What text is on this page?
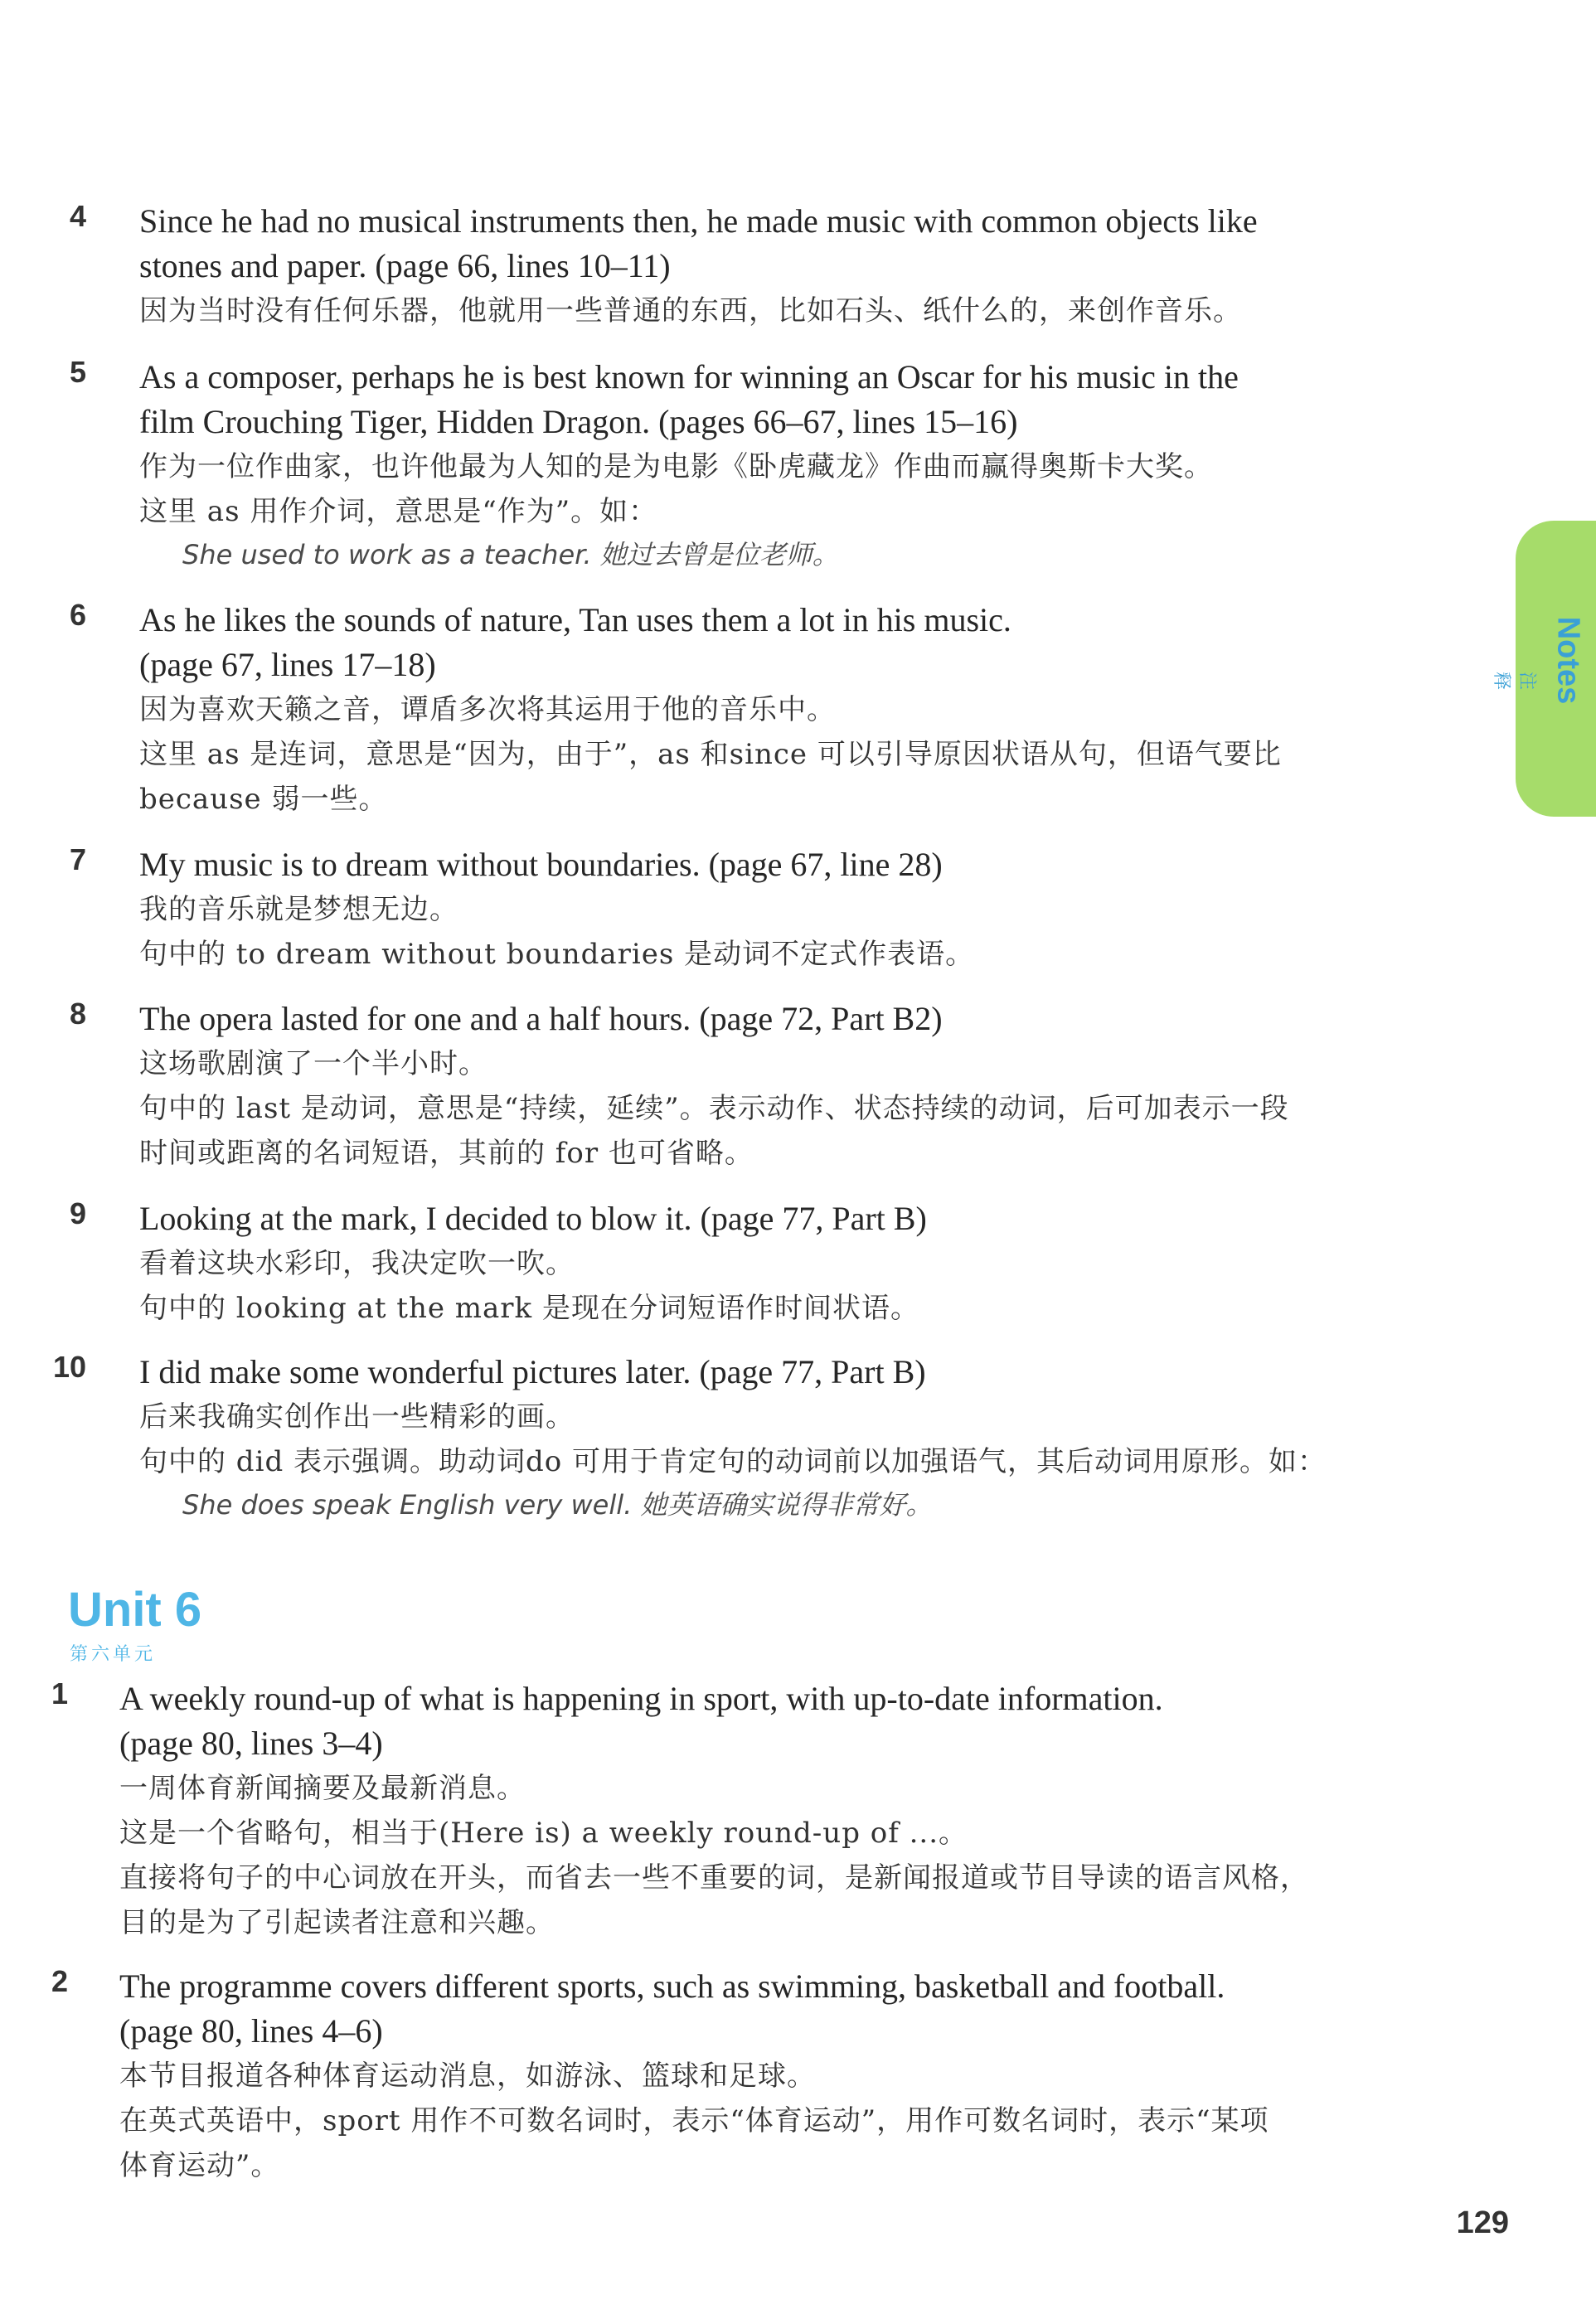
4 Since he had no musical instruments then, he made music with common objects like
stones and paper. (page 66, lines 10–11)
因为当时没有任何乐器，他就用一些普通的东西，比如石头、纸什么的，来创作音乐。
5 As a composer, perhaps he is best known for winning an Oscar for his music in the
film Crouching Tiger, Hidden Dragon. (pages 66–67, lines 15–16)
作为一位作曲家，也许他最为人知的是为电影《卧虎藏龙》作曲而赢得奥斯卡大奖。
这里 as 用作介词，意思是“作为”。如：
She used to work as a teacher. 她过去曾是位老师。
6 As he likes the sounds of nature, Tan uses them a lot in his music.
(page 67, lines 17–18)
因为喜欢天籁之音，谭盾多次将其运用于他的音乐中。
这里 as 是连词，意思是“因为，由于”，as 和since 可以引导原因状语从句，但语气要比
because 弱一些。
7 My music is to dream without boundaries. (page 67, line 28)
我的音乐就是梦想无边。
句中的 to dream without boundaries 是动词不定式作表语。
8 The opera lasted for one and a half hours. (page 72, Part B2)
这场歌剧演了一个半小时。
句中的 last 是动词，意思是“持续，延续”。表示动作、状态持续的动词，后可加表示一段
时间或距离的名词短语，其前的 for 也可省略。
9 Looking at the mark, I decided to blow it. (page 77, Part B)
看着这块水彩印，我决定吹一吹。
句中的 looking at the mark 是现在分词短语作时间状语。
10 I did make some wonderful pictures later. (page 77, Part B)
后来我确实创作出一些精彩的画。
句中的 did 表示强调。助动词do 可用于肯定句的动词前以加强语气，其后动词用原形。如：
She does speak English very well. 她英语确实说得非常好。
Unit 6
第六单元
1 A weekly round-up of what is happening in sport, with up-to-date information.
(page 80, lines 3–4)
一周体育新闻摘要及最新消息。
这是一个省略句，相当于(Here is) a weekly round-up of ...。
直接将句子的中心词放在开头，而省去一些不重要的词，是新闻报道或节目导读的语言风格，
目的是为了引起读者注意和兴趣。
2 The programme covers different sports, such as swimming, basketball and football.
(page 80, lines 4–6)
本节目报道各种体育运动消息，如游泳、篮球和足球。
在英式英语中，sport 用作不可数名词时，表示“体育运动”，用作可数名词时，表示“某项
体育运动”。
Notes
注释
129
